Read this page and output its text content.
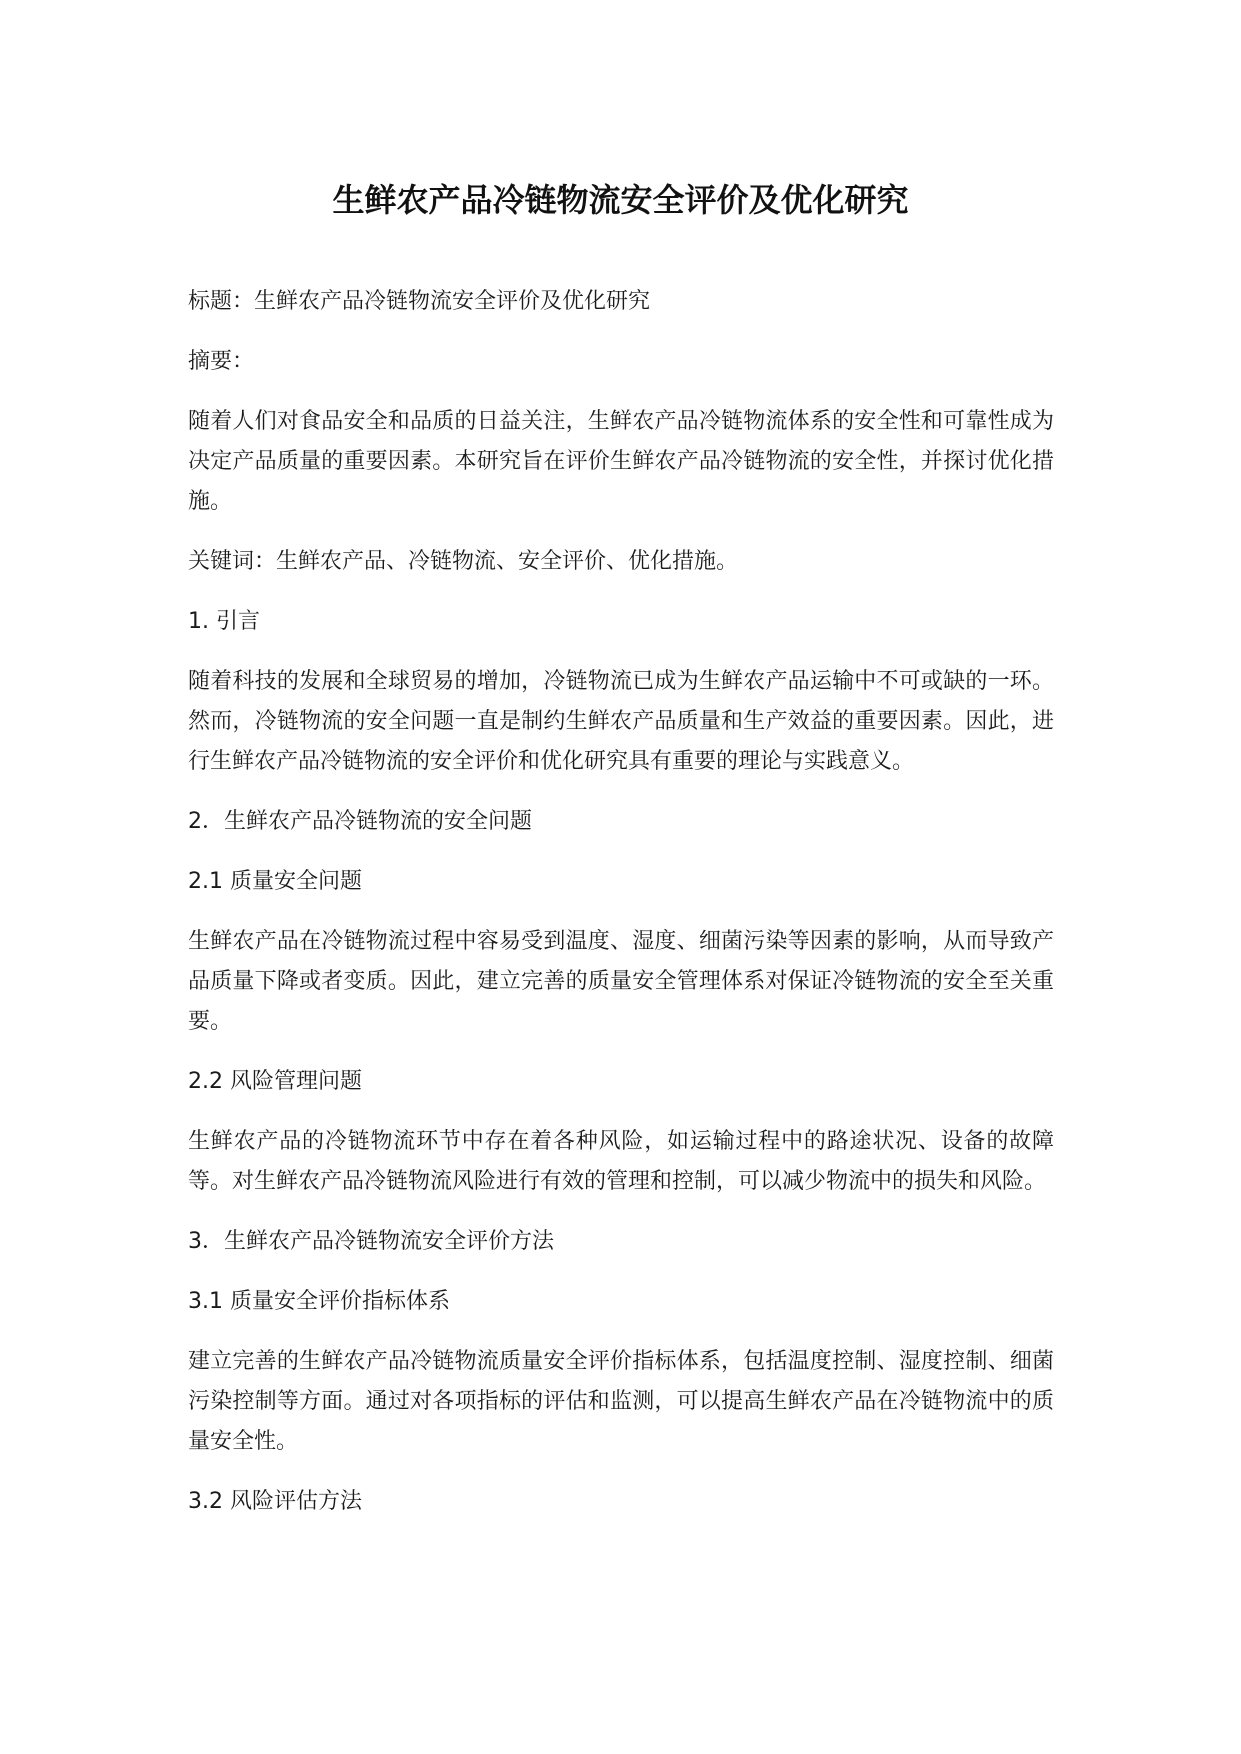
生鲜农产品冷链物流安全评价及优化研究

标题：生鲜农产品冷链物流安全评价及优化研究

摘要：

随着人们对食品安全和品质的日益关注，生鲜农产品冷链物流体系的安全性和可靠性成为决定产品质量的重要因素。本研究旨在评价生鲜农产品冷链物流的安全性，并探讨优化措施。

关键词：生鲜农产品、冷链物流、安全评价、优化措施。

1. 引言

随着科技的发展和全球贸易的增加，冷链物流已成为生鲜农产品运输中不可或缺的一环。然而，冷链物流的安全问题一直是制约生鲜农产品质量和生产效益的重要因素。因此，进行生鲜农产品冷链物流的安全评价和优化研究具有重要的理论与实践意义。

2．生鲜农产品冷链物流的安全问题

2.1 质量安全问题

生鲜农产品在冷链物流过程中容易受到温度、湿度、细菌污染等因素的影响，从而导致产品质量下降或者变质。因此，建立完善的质量安全管理体系对保证冷链物流的安全至关重要。

2.2 风险管理问题

生鲜农产品的冷链物流环节中存在着各种风险，如运输过程中的路途状况、设备的故障等。对生鲜农产品冷链物流风险进行有效的管理和控制，可以减少物流中的损失和风险。

3．生鲜农产品冷链物流安全评价方法

3.1 质量安全评价指标体系

建立完善的生鲜农产品冷链物流质量安全评价指标体系，包括温度控制、湿度控制、细菌污染控制等方面。通过对各项指标的评估和监测，可以提高生鲜农产品在冷链物流中的质量安全性。

3.2 风险评估方法
